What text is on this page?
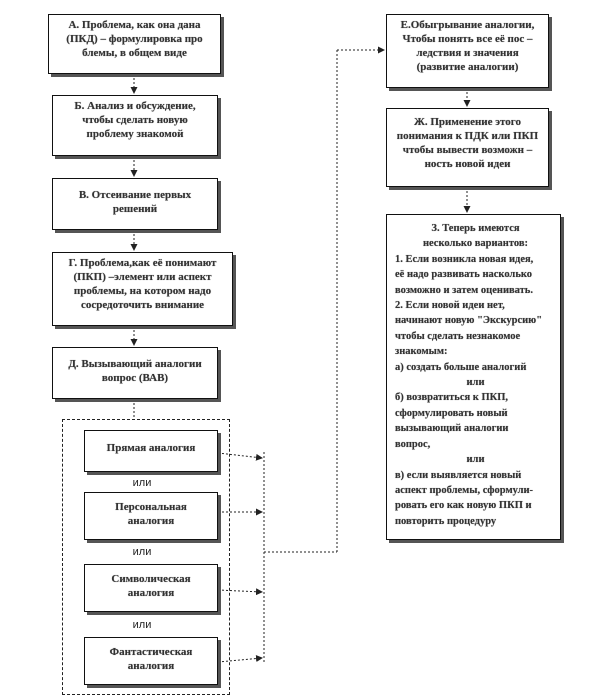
А. Проблема, как она дана
(ПКД) – формулировка про
блемы, в общем виде
Б. Анализ и обсуждение,
чтобы сделать новую
проблему знакомой
В. Отсеивание первых
решений
Г. Проблема,как её понимают
(ПКП) –элемент или аспект
проблемы, на котором надо
сосредоточить внимание
Д. Вызывающий аналогии
вопрос (ВАВ)
Прямая аналогия
или
Персональная
аналогия
или
Символическая
аналогия
или
Фантастическая
аналогия
Е.Обыгрывание аналогии,
Чтобы понять все её пос –
ледствия и значения
(развитие аналогии)
Ж. Применение этого
понимания к ПДК или ПКП
чтобы вывести возможн –
ность новой идеи
З. Теперь имеются
несколько вариантов:
1. Если возникла новая идея,
её надо развивать насколько
возможно и затем оценивать.
2. Если новой идеи нет,
начинают новую "Экскурсию"
чтобы сделать незнакомое
знакомым:
а) создать больше аналогий
или
б) возвратиться к ПКП,
сформулировать новый
вызывающий аналогии
вопрос,
или
в) если выявляется новый
аспект проблемы, сформули-
ровать его как новую ПКП и
повторить процедуру
